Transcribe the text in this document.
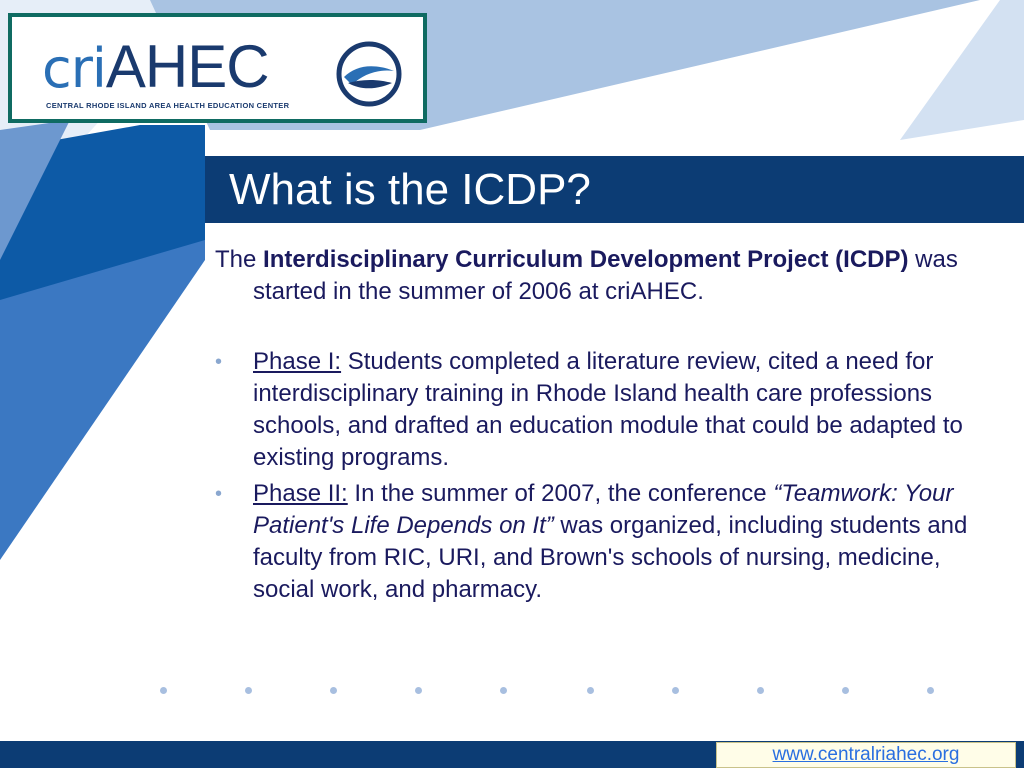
criAHEC
CENTRAL RHODE ISLAND AREA HEALTH EDUCATION CENTER
What is the ICDP?

The Interdisciplinary Curriculum Development Project (ICDP) was started in the summer of 2006 at criAHEC.

• Phase I: Students completed a literature review, cited a need for interdisciplinary training in Rhode Island health care professions schools, and drafted an education module that could be adapted to existing programs.
• Phase II: In the summer of 2007, the conference “Teamwork: Your Patient's Life Depends on It” was organized, including students and faculty from RIC, URI, and Brown's schools of nursing, medicine, social work, and pharmacy.
www.centralriahec.org
